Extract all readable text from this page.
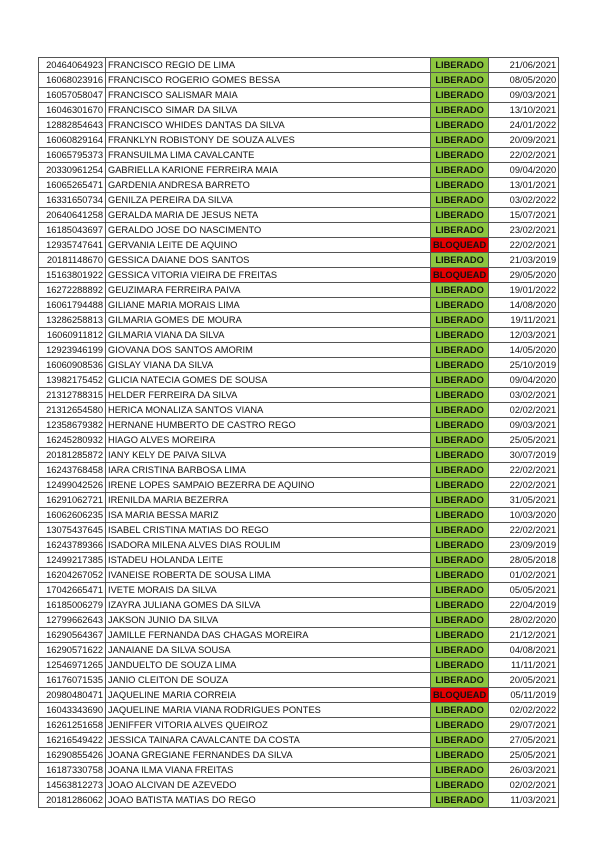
20464064923	FRANCISCO REGIO DE LIMA	LIBERADO	21/06/2021
16068023916	FRANCISCO ROGERIO GOMES BESSA	LIBERADO	08/05/2020
16057058047	FRANCISCO SALISMAR MAIA	LIBERADO	09/03/2021
16046301670	FRANCISCO SIMAR DA SILVA	LIBERADO	13/10/2021
12882854643	FRANCISCO WHIDES DANTAS DA SILVA	LIBERADO	24/01/2022
16060829164	FRANKLYN ROBISTONY DE SOUZA ALVES	LIBERADO	20/09/2021
16065795373	FRANSUILMA LIMA CAVALCANTE	LIBERADO	22/02/2021
20330961254	GABRIELLA KARIONE FERREIRA MAIA	LIBERADO	09/04/2020
16065265471	GARDENIA ANDRESA BARRETO	LIBERADO	13/01/2021
16331650734	GENILZA PEREIRA DA SILVA	LIBERADO	03/02/2022
20640641258	GERALDA MARIA DE JESUS NETA	LIBERADO	15/07/2021
16185043697	GERALDO JOSE DO NASCIMENTO	LIBERADO	23/02/2021
12935747641	GERVANIA LEITE DE AQUINO	BLOQUEAD	22/02/2021
20181148670	GESSICA DAIANE DOS SANTOS	LIBERADO	21/03/2019
15163801922	GESSICA VITORIA VIEIRA DE FREITAS	BLOQUEAD	29/05/2020
16272288892	GEUZIMARA FERREIRA PAIVA	LIBERADO	19/01/2022
16061794488	GILIANE MARIA MORAIS LIMA	LIBERADO	14/08/2020
13286258813	GILMARIA GOMES DE MOURA	LIBERADO	19/11/2021
16060911812	GILMARIA VIANA DA SILVA	LIBERADO	12/03/2021
12923946199	GIOVANA DOS SANTOS AMORIM	LIBERADO	14/05/2020
16060908536	GISLAY VIANA DA SILVA	LIBERADO	25/10/2019
13982175452	GLICIA NATECIA GOMES DE SOUSA	LIBERADO	09/04/2020
21312788315	HELDER FERREIRA DA SILVA	LIBERADO	03/02/2021
21312654580	HERICA MONALIZA SANTOS VIANA	LIBERADO	02/02/2021
12358679382	HERNANE HUMBERTO DE CASTRO REGO	LIBERADO	09/03/2021
16245280932	HIAGO ALVES MOREIRA	LIBERADO	25/05/2021
20181285872	IANY KELY DE PAIVA SILVA	LIBERADO	30/07/2019
16243768458	IARA CRISTINA BARBOSA LIMA	LIBERADO	22/02/2021
12499042526	IRENE LOPES SAMPAIO BEZERRA DE AQUINO	LIBERADO	22/02/2021
16291062721	IRENILDA MARIA BEZERRA	LIBERADO	31/05/2021
16062606235	ISA MARIA BESSA MARIZ	LIBERADO	10/03/2020
13075437645	ISABEL CRISTINA MATIAS DO REGO	LIBERADO	22/02/2021
16243789366	ISADORA MILENA ALVES DIAS ROULIM	LIBERADO	23/09/2019
12499217385	ISTADEU HOLANDA LEITE	LIBERADO	28/05/2018
16204267052	IVANEISE ROBERTA DE SOUSA LIMA	LIBERADO	01/02/2021
17042665471	IVETE MORAIS DA SILVA	LIBERADO	05/05/2021
16185006279	IZAYRA JULIANA GOMES DA SILVA	LIBERADO	22/04/2019
12799662643	JAKSON JUNIO DA SILVA	LIBERADO	28/02/2020
16290564367	JAMILLE FERNANDA DAS CHAGAS MOREIRA	LIBERADO	21/12/2021
16290571622	JANAIANE DA SILVA SOUSA	LIBERADO	04/08/2021
12546971265	JANDUELTO DE SOUZA LIMA	LIBERADO	11/11/2021
16176071535	JANIO CLEITON DE SOUZA	LIBERADO	20/05/2021
20980480471	JAQUELINE MARIA CORREIA	BLOQUEAD	05/11/2019
16043343690	JAQUELINE MARIA VIANA RODRIGUES PONTES	LIBERADO	02/02/2022
16261251658	JENIFFER VITORIA ALVES QUEIROZ	LIBERADO	29/07/2021
16216549422	JESSICA TAINARA CAVALCANTE DA COSTA	LIBERADO	27/05/2021
16290855426	JOANA GREGIANE FERNANDES DA SILVA	LIBERADO	25/05/2021
16187330758	JOANA ILMA VIANA FREITAS	LIBERADO	26/03/2021
14563812273	JOAO ALCIVAN DE AZEVEDO	LIBERADO	02/02/2021
20181286062	JOAO BATISTA MATIAS DO REGO	LIBERADO	11/03/2021
